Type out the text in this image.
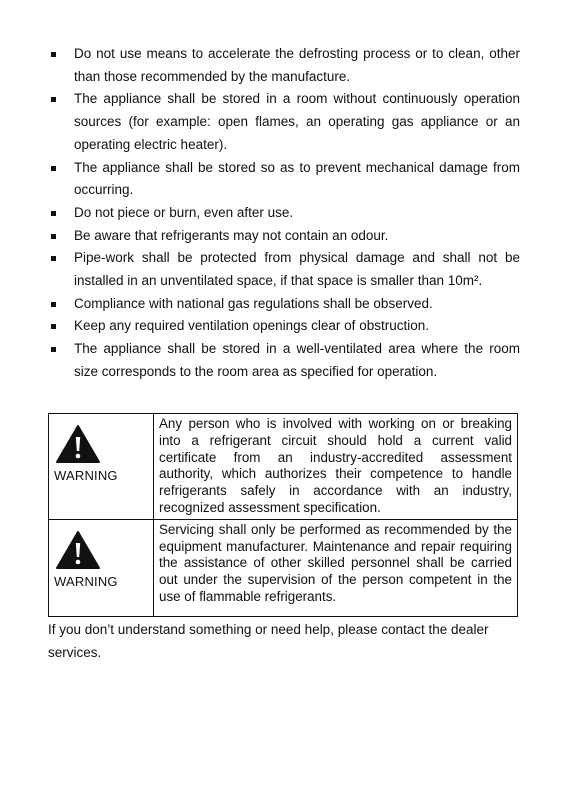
Do not use means to accelerate the defrosting process or to clean, other than those recommended by the manufacture.
The appliance shall be stored in a room without continuously operation sources (for example: open flames, an operating gas appliance or an operating electric heater).
The appliance shall be stored so as to prevent mechanical damage from occurring.
Do not piece or burn, even after use.
Be aware that refrigerants may not contain an odour.
Pipe-work shall be protected from physical damage and shall not be installed in an unventilated space, if that space is smaller than 10m².
Compliance with national gas regulations shall be observed.
Keep any required ventilation openings clear of obstruction.
The appliance shall be stored in a well-ventilated area where the room size corresponds to the room area as specified for operation.
WARNING	Any person who is involved with working on or breaking into a refrigerant circuit should hold a current valid certificate from an industry-accredited assessment authority, which authorizes their competence to handle refrigerants safely in accordance with an industry, recognized assessment specification.

WARNING	Servicing shall only be performed as recommended by the equipment manufacturer. Maintenance and repair requiring the assistance of other skilled personnel shall be carried out under the supervision of the person competent in the use of flammable refrigerants.

If you don’t understand something or need help, please contact the dealer services.
